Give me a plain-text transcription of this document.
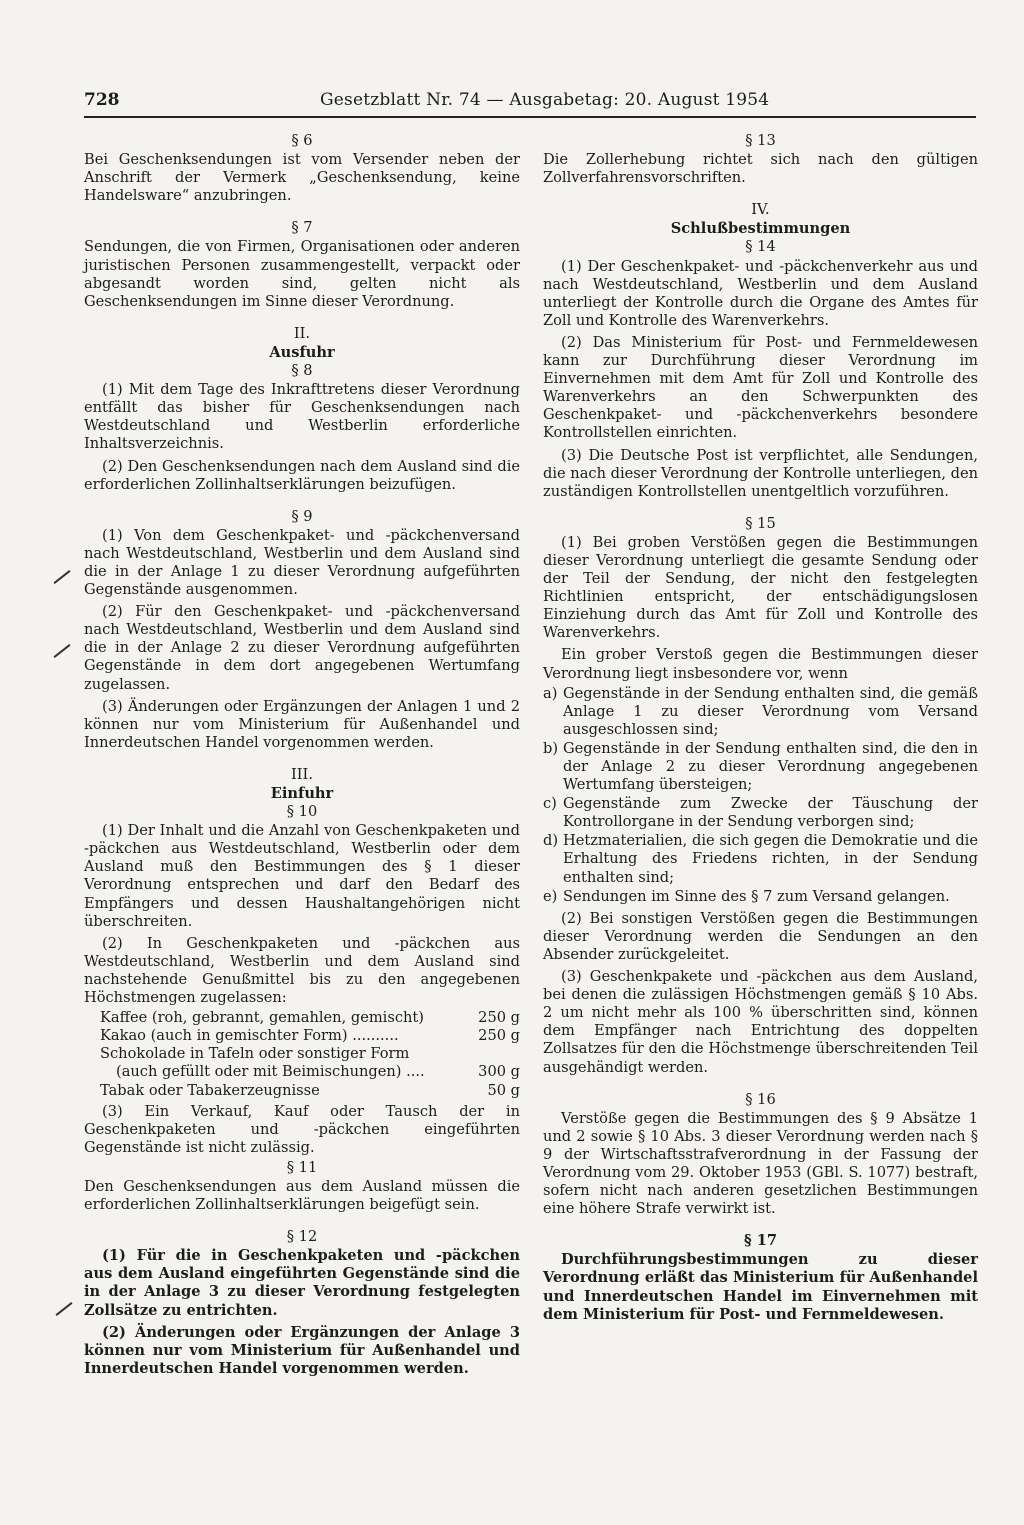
728	Gesetzblatt Nr. 74 — Ausgabetag: 20. August 1954
§ 6

Bei Geschenksendungen ist vom Versender neben der Anschrift der Vermerk „Geschenksendung, keine Handelsware“ anzubringen.

§ 7

Sendungen, die von Firmen, Organisationen oder anderen juristischen Personen zusammengestellt, verpackt oder abgesandt worden sind, gelten nicht als Geschenksendungen im Sinne dieser Verordnung.

II.
Ausfuhr
§ 8

(1) Mit dem Tage des Inkrafttretens dieser Verordnung entfällt das bisher für Geschenksendungen nach Westdeutschland und Westberlin erforderliche Inhaltsverzeichnis.

(2) Den Geschenksendungen nach dem Ausland sind die erforderlichen Zollinhaltserklärungen beizufügen.

§ 9

(1) Von dem Geschenkpaket- und -päckchenversand nach Westdeutschland, Westberlin und dem Ausland sind die in der Anlage 1 zu dieser Verordnung aufgeführten Gegenstände ausgenommen.

(2) Für den Geschenkpaket- und -päckchenversand nach Westdeutschland, Westberlin und dem Ausland sind die in der Anlage 2 zu dieser Verordnung aufgeführten Gegenstände in dem dort angegebenen Wertumfang zugelassen.

(3) Änderungen oder Ergänzungen der Anlagen 1 und 2 können nur vom Ministerium für Außenhandel und Innerdeutschen Handel vorgenommen werden.

III.
Einfuhr
§ 10

(1) Der Inhalt und die Anzahl von Geschenkpaketen und -päckchen aus Westdeutschland, Westberlin oder dem Ausland muß den Bestimmungen des § 1 dieser Verordnung entsprechen und darf den Bedarf des Empfängers und dessen Haushaltangehörigen nicht überschreiten.

(2) In Geschenkpaketen und -päckchen aus Westdeutschland, Westberlin und dem Ausland sind nachstehende Genußmittel bis zu den angegebenen Höchstmengen zugelassen:

Kaffee (roh, gebrannt, gemahlen, gemischt)	250 g
Kakao (auch in gemischter Form) ..........	250 g
Schokolade in Tafeln oder sonstiger Form
(auch gefüllt oder mit Beimischungen) ....	300 g
Tabak oder Tabakerzeugnisse	50 g

(3) Ein Verkauf, Kauf oder Tausch der in Geschenkpaketen und -päckchen eingeführten Gegenstände ist nicht zulässig.

§ 11

Den Geschenksendungen aus dem Ausland müssen die erforderlichen Zollinhaltserklärungen beigefügt sein.

§ 12

(1) Für die in Geschenkpaketen und -päckchen aus dem Ausland eingeführten Gegenstände sind die in der Anlage 3 zu dieser Verordnung festgelegten Zollsätze zu entrichten.

(2) Änderungen oder Ergänzungen der Anlage 3 können nur vom Ministerium für Außenhandel und Innerdeutschen Handel vorgenommen werden.

§ 13

Die Zollerhebung richtet sich nach den gültigen Zollverfahrensvorschriften.

IV.
Schlußbestimmungen
§ 14

(1) Der Geschenkpaket- und -päckchenverkehr aus und nach Westdeutschland, Westberlin und dem Ausland unterliegt der Kontrolle durch die Organe des Amtes für Zoll und Kontrolle des Warenverkehrs.

(2) Das Ministerium für Post- und Fernmeldewesen kann zur Durchführung dieser Verordnung im Einvernehmen mit dem Amt für Zoll und Kontrolle des Warenverkehrs an den Schwerpunkten des Geschenkpaket- und -päckchenverkehrs besondere Kontrollstellen einrichten.

(3) Die Deutsche Post ist verpflichtet, alle Sendungen, die nach dieser Verordnung der Kontrolle unterliegen, den zuständigen Kontrollstellen unentgeltlich vorzuführen.

§ 15

(1) Bei groben Verstößen gegen die Bestimmungen dieser Verordnung unterliegt die gesamte Sendung oder der Teil der Sendung, der nicht den festgelegten Richtlinien entspricht, der entschädigungslosen Einziehung durch das Amt für Zoll und Kontrolle des Warenverkehrs.

Ein grober Verstoß gegen die Bestimmungen dieser Verordnung liegt insbesondere vor, wenn

a) Gegenstände in der Sendung enthalten sind, die gemäß Anlage 1 zu dieser Verordnung vom Versand ausgeschlossen sind;
b) Gegenstände in der Sendung enthalten sind, die den in der Anlage 2 zu dieser Verordnung angegebenen Wertumfang übersteigen;
c) Gegenstände zum Zwecke der Täuschung der Kontrollorgane in der Sendung verborgen sind;
d) Hetzmaterialien, die sich gegen die Demokratie und die Erhaltung des Friedens richten, in der Sendung enthalten sind;
e) Sendungen im Sinne des § 7 zum Versand gelangen.

(2) Bei sonstigen Verstößen gegen die Bestimmungen dieser Verordnung werden die Sendungen an den Absender zurückgeleitet.

(3) Geschenkpakete und -päckchen aus dem Ausland, bei denen die zulässigen Höchstmengen gemäß § 10 Abs. 2 um nicht mehr als 100 % überschritten sind, können dem Empfänger nach Entrichtung des doppelten Zollsatzes für den die Höchstmenge überschreitenden Teil ausgehändigt werden.

§ 16

Verstöße gegen die Bestimmungen des § 9 Absätze 1 und 2 sowie § 10 Abs. 3 dieser Verordnung werden nach § 9 der Wirtschaftsstrafverordnung in der Fassung der Verordnung vom 29. Oktober 1953 (GBl. S. 1077) bestraft, sofern nicht nach anderen gesetzlichen Bestimmungen eine höhere Strafe verwirkt ist.

§ 17

Durchführungsbestimmungen zu dieser Verordnung erläßt das Ministerium für Außenhandel und Innerdeutschen Handel im Einvernehmen mit dem Ministerium für Post- und Fernmeldewesen.
